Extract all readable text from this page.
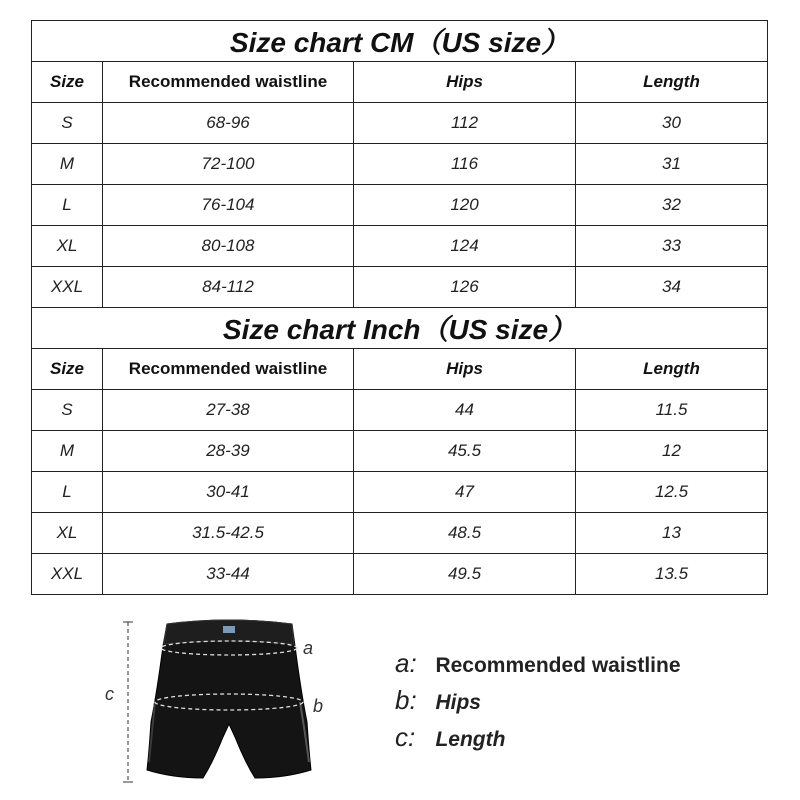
Size chart CM（US size）			
Size	Recommended waistline	Hips	Length
S	68-96	112	30
M	72-100	116	31
L	76-104	120	32
XL	80-108	124	33
XXL	84-112	126	34
Size chart Inch（US size）			
Size	Recommended waistline	Hips	Length
S	27-38	44	11.5
M	28-39	45.5	12
L	30-41	47	12.5
XL	31.5-42.5	48.5	13
XXL	33-44	49.5	13.5
a
b
c
a: Recommended waistline
b: Hips
c: Length
